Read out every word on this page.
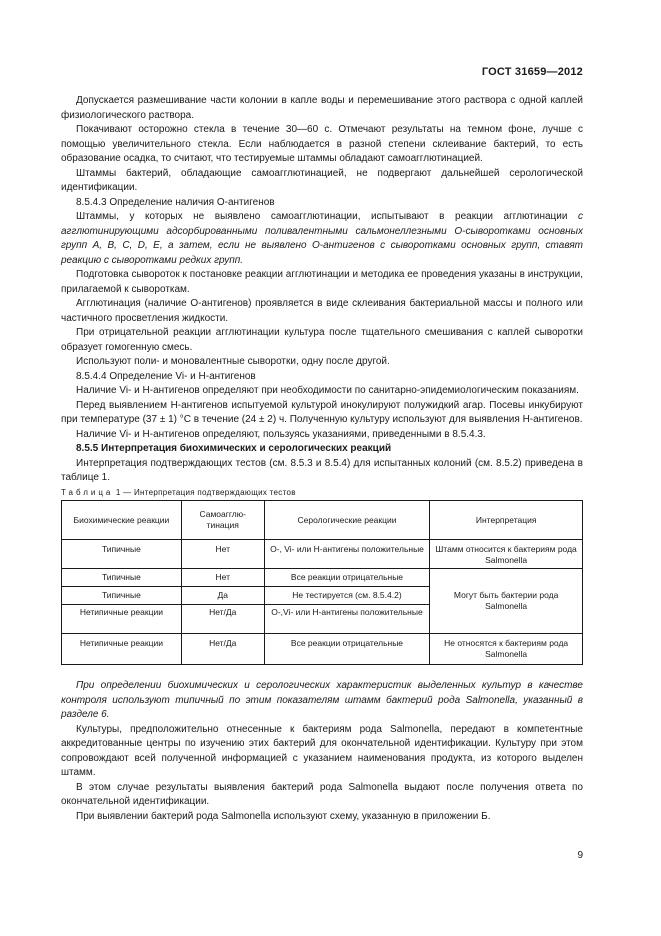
ГОСТ 31659—2012

Допускается размешивание части колонии в капле воды и перемешивание этого раствора с одной каплей физиологического раствора.

Покачивают осторожно стекла в течение 30—60 с. Отмечают результаты на темном фоне, лучше с помощью увеличительного стекла. Если наблюдается в разной степени склеивание бактерий, то есть образование осадка, то считают, что тестируемые штаммы обладают самоагглютинацией.

Штаммы бактерий, обладающие самоагглютинацией, не подвергают дальнейшей серологической идентификации.

8.5.4.3 Определение наличия О-антигенов

Штаммы, у которых не выявлено самоагглютинации, испытывают в реакции агглютинации с агглютинирующими адсорбированными поливалентными сальмонеллезными О-сыворотками основных групп A, B, C, D, E, а затем, если не выявлено О-антигенов с сыворотками основных групп, ставят реакцию с сыворотками редких групп.

Подготовка сывороток к постановке реакции агглютинации и методика ее проведения указаны в инструкции, прилагаемой к сывороткам.

Агглютинация (наличие О-антигенов) проявляется в виде склеивания бактериальной массы и полного или частичного просветления жидкости.

При отрицательной реакции агглютинации культура после тщательного смешивания с каплей сыворотки образует гомогенную смесь.

Используют поли- и моновалентные сыворотки, одну после другой.

8.5.4.4 Определение Vi- и Н-антигенов

Наличие Vi- и Н-антигенов определяют при необходимости по санитарно-эпидемиологическим показаниям.

Перед выявлением Н-антигенов испытуемой культурой инокулируют полужидкий агар. Посевы инкубируют при температуре (37 ± 1) °С в течение (24 ± 2) ч. Полученную культуру используют для выявления Н-антигенов.

Наличие Vi- и Н-антигенов определяют, пользуясь указаниями, приведенными в 8.5.4.3.

8.5.5 Интерпретация биохимических и серологических реакций

Интерпретация подтверждающих тестов (см. 8.5.3 и 8.5.4) для испытанных колоний (см. 8.5.2) приведена в таблице 1.

Таблица 1 — Интерпретация подтверждающих тестов

Биохимические реакции	Самоагглю-тинация	Серологические реакции	Интерпретация
Типичные	Нет	О-, Vi- или Н-антигены положительные	Штамм относится к бактериям рода Salmonella
Типичные	Нет	Все реакции отрицательные	Могут быть бактерии рода Salmonella
Типичные	Да	Не тестируется (см. 8.5.4.2)	
Нетипичные реакции	Нет/Да	О-,Vi- или Н-антигены положительные	
Нетипичные реакции	Нет/Да	Все реакции отрицательные	Не относятся к бактериям рода Salmonella

При определении биохимических и серологических характеристик выделенных культур в качестве контроля используют типичный по этим показателям штамм бактерий рода Salmonella, указанный в разделе 6.

Культуры, предположительно отнесенные к бактериям рода Salmonella, передают в компетентные аккредитованные центры по изучению этих бактерий для окончательной идентификации. Культуру при этом сопровождают всей полученной информацией с указанием наименования продукта, из которого выделен штамм.

В этом случае результаты выявления бактерий рода Salmonella выдают после получения ответа по окончательной идентификации.

При выявлении бактерий рода Salmonella используют схему, указанную в приложении Б.

9
